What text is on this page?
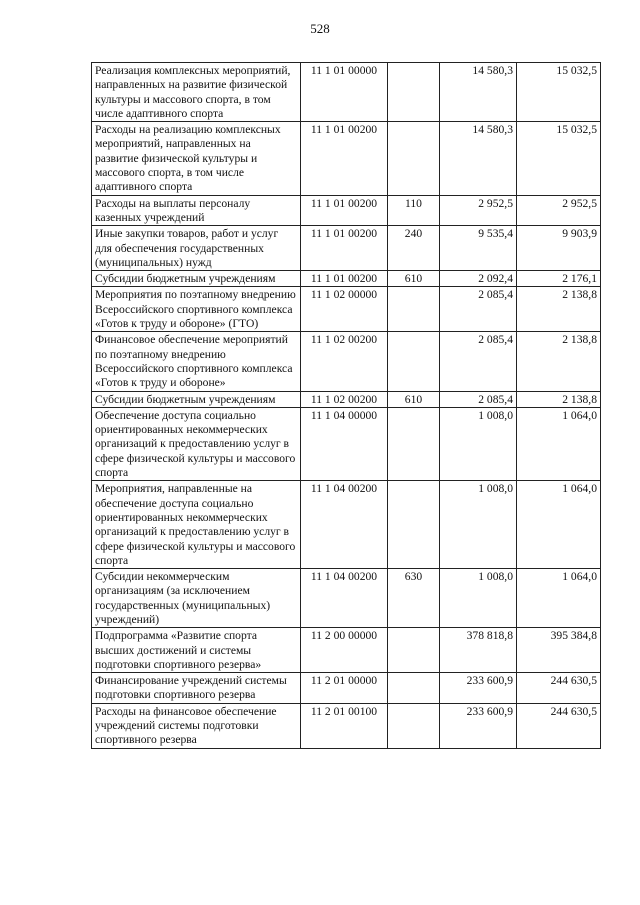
528
Реализация комплексных мероприятий, направленных на развитие физической культуры и массового спорта, в том числе адаптивного спорта	11 1 01 00000		14 580,3	15 032,5
Расходы на реализацию комплексных мероприятий, направленных на развитие физической культуры и массового спорта, в том числе адаптивного спорта	11 1 01 00200		14 580,3	15 032,5
Расходы на выплаты персоналу казенных учреждений	11 1 01 00200	110	2 952,5	2 952,5
Иные закупки товаров, работ и услуг для обеспечения государственных (муниципальных) нужд	11 1 01 00200	240	9 535,4	9 903,9
Субсидии бюджетным учреждениям	11 1 01 00200	610	2 092,4	2 176,1
Мероприятия по поэтапному внедрению Всероссийского спортивного комплекса «Готов к труду и обороне» (ГТО)	11 1 02 00000		2 085,4	2 138,8
Финансовое обеспечение мероприятий по поэтапному внедрению Всероссийского спортивного комплекса «Готов к труду и обороне»	11 1 02 00200		2 085,4	2 138,8
Субсидии бюджетным учреждениям	11 1 02 00200	610	2 085,4	2 138,8
Обеспечение доступа социально ориентированных некоммерческих организаций к предоставлению услуг в сфере физической культуры и массового спорта	11 1 04 00000		1 008,0	1 064,0
Мероприятия, направленные на обеспечение доступа социально ориентированных некоммерческих организаций к предоставлению услуг в сфере физической культуры и массового спорта	11 1 04 00200		1 008,0	1 064,0
Субсидии некоммерческим организациям (за исключением государственных (муниципальных) учреждений)	11 1 04 00200	630	1 008,0	1 064,0
Подпрограмма «Развитие спорта высших достижений и системы подготовки спортивного резерва»	11 2 00 00000		378 818,8	395 384,8
Финансирование учреждений системы подготовки спортивного резерва	11 2 01 00000		233 600,9	244 630,5
Расходы на финансовое обеспечение учреждений системы подготовки спортивного резерва	11 2 01 00100		233 600,9	244 630,5
